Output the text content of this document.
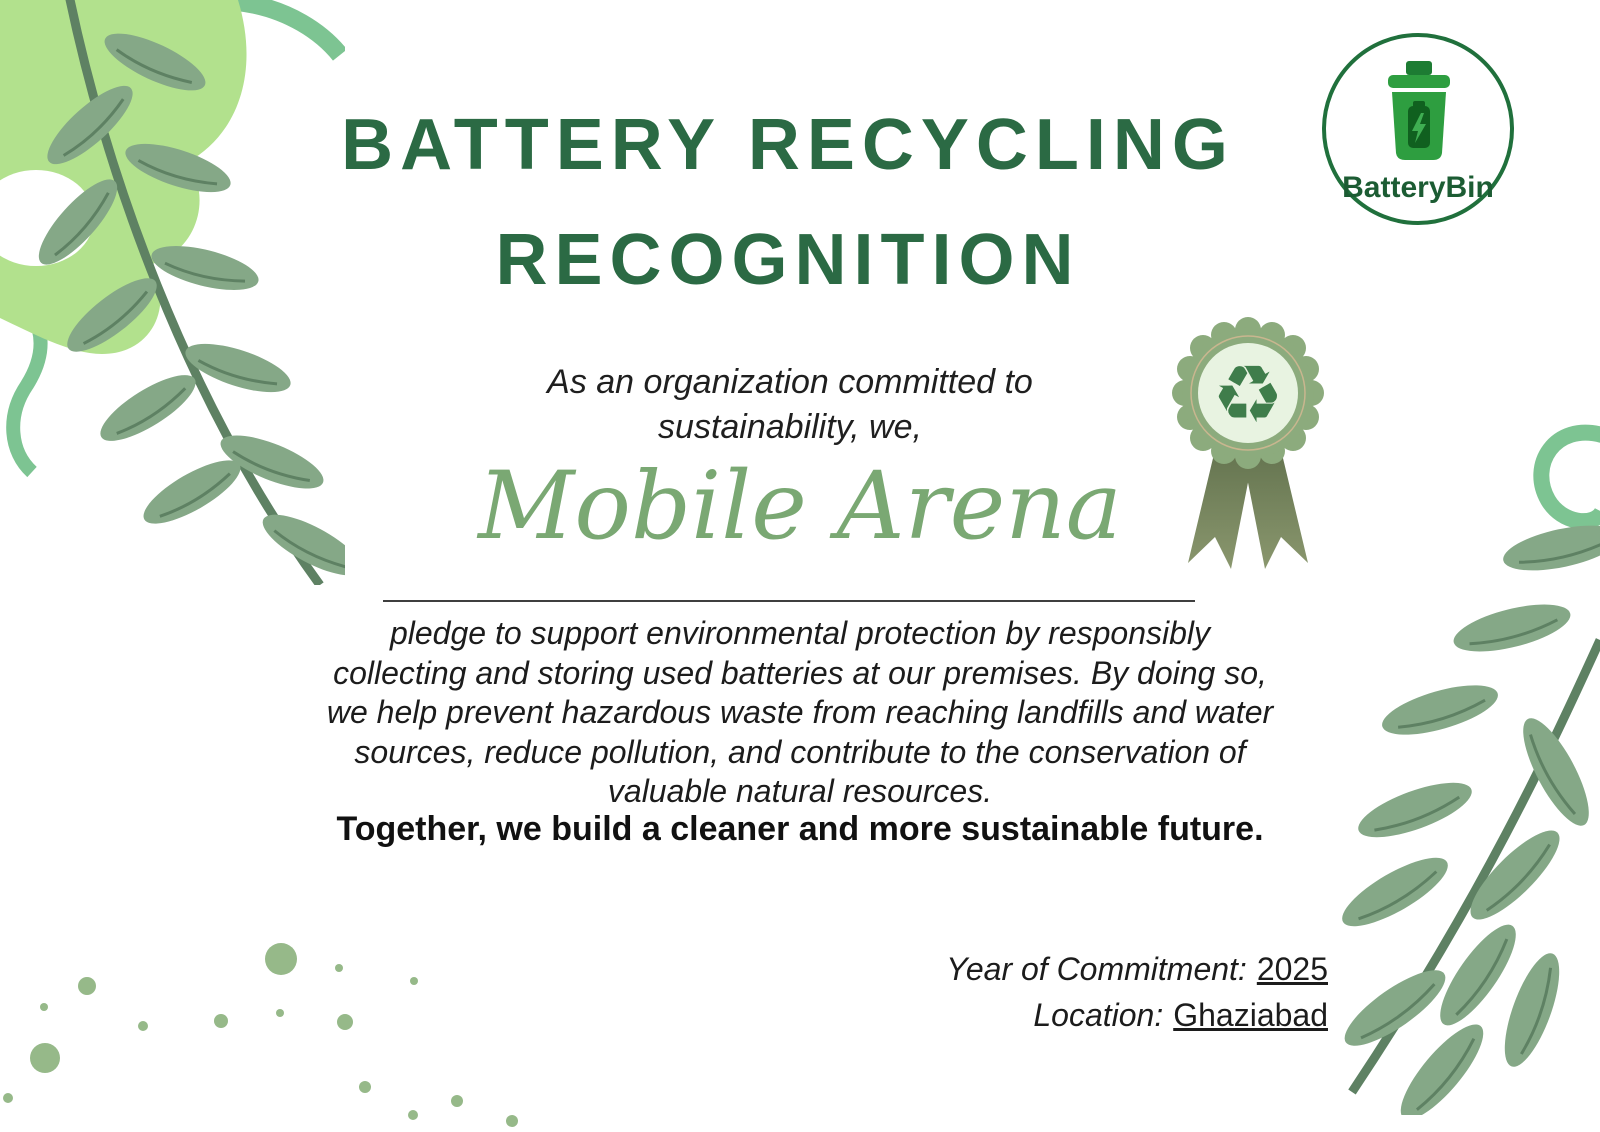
BatteryBin
♻
BATTERY RECYCLING
RECOGNITION
As an organization committed to
sustainability, we,
Mobile Arena
pledge to support environmental protection by responsibly
collecting and storing used batteries at our premises. By doing so,
we help prevent hazardous waste from reaching landfills and water
sources, reduce pollution, and contribute to the conservation of
valuable natural resources.
Together, we build a cleaner and more sustainable future.
Year of Commitment: 2025
Location: Ghaziabad
